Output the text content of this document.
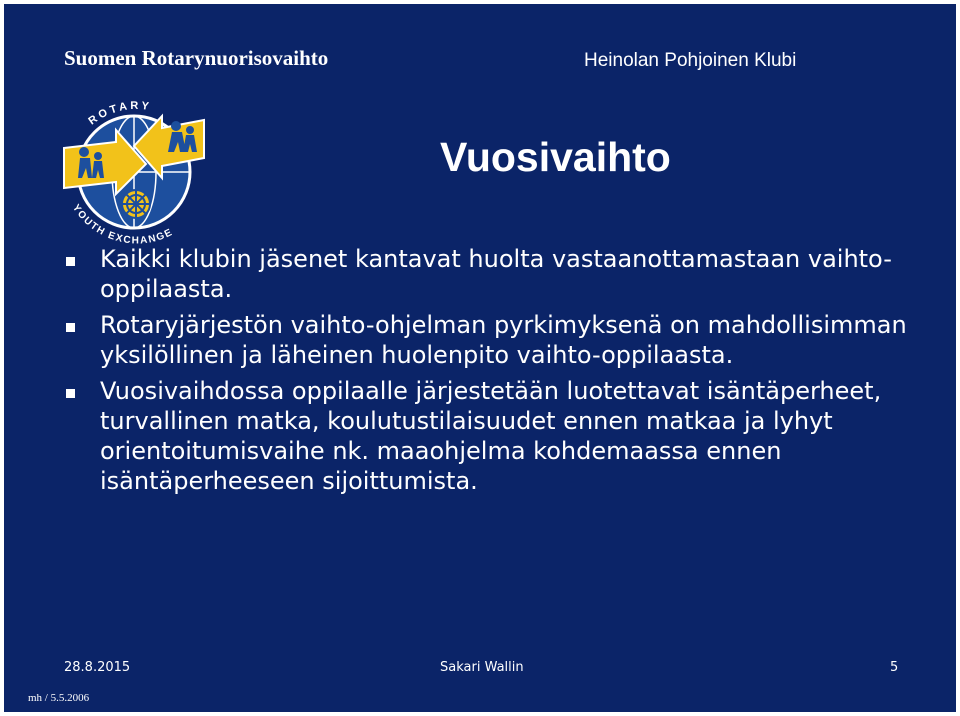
Suomen Rotarynuorisovaihto	Heinolan Pohjoinen Klubi
ROTARY
YOUTH EXCHANGE
Vuosivaihto
Kaikki klubin jäsenet kantavat huolta vastaanottamastaan vaihto-oppilaasta.
Rotaryjärjestön vaihto-ohjelman pyrkimyksenä on mahdollisimman yksilöllinen ja läheinen huolenpito vaihto-oppilaasta.
Vuosivaihdossa oppilaalle järjestetään luotettavat isäntäperheet, turvallinen matka, koulutustilaisuudet ennen matkaa ja lyhyt orientoitumisvaihe nk. maaohjelma kohdemaassa ennen isäntäperheeseen sijoittumista.
28.8.2015	Sakari Wallin	5
mh / 5.5.2006
